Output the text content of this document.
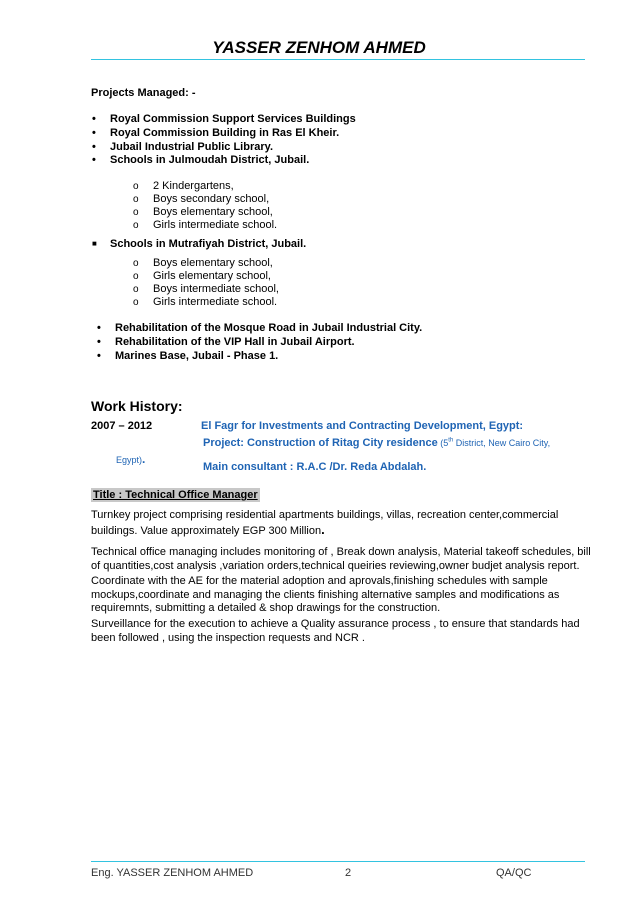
YASSER ZENHOM AHMED
Projects Managed: -
• Royal Commission Support Services Buildings
• Royal Commission Building in Ras El Kheir.
• Jubail Industrial Public Library.
• Schools in Julmoudah District, Jubail.
o 2 Kindergartens,
o Boys secondary school,
o Boys elementary school,
o Girls intermediate school.
■ Schools in Mutrafiyah District, Jubail.
o Boys elementary school,
o Girls elementary school,
o Boys intermediate school,
o Girls intermediate school.
• Rehabilitation of the Mosque Road in Jubail Industrial City.
• Rehabilitation of the VIP Hall in Jubail Airport.
• Marines Base, Jubail - Phase 1.
Work History:
2007 – 2012	El Fagr for Investments and Contracting Development, Egypt:
Project: Construction of Ritag City residence (5th District, New Cairo City,
Egypt).
Main consultant : R.A.C /Dr. Reda Abdalah.
Title : Technical Office Manager
Turnkey project comprising residential apartments buildings, villas, recreation center,commercial buildings. Value approximately EGP 300 Million.
Technical office managing includes monitoring of , Break down analysis, Material takeoff schedules, bill of quantities,cost analysis ,variation orders,technical queiries reviewing,owner budjet analysis report.
Coordinate with the AE for the material adoption and aprovals,finishing schedules with sample mockups,coordinate and managing the clients finishing alternative samples and modifications as requiremnts, submitting a detailed & shop drawings for the construction.
Surveillance for the execution to achieve a Quality assurance process , to ensure that standards had been followed , using the inspection requests and NCR .
Eng. YASSER ZENHOM AHMED	2	QA/QC
